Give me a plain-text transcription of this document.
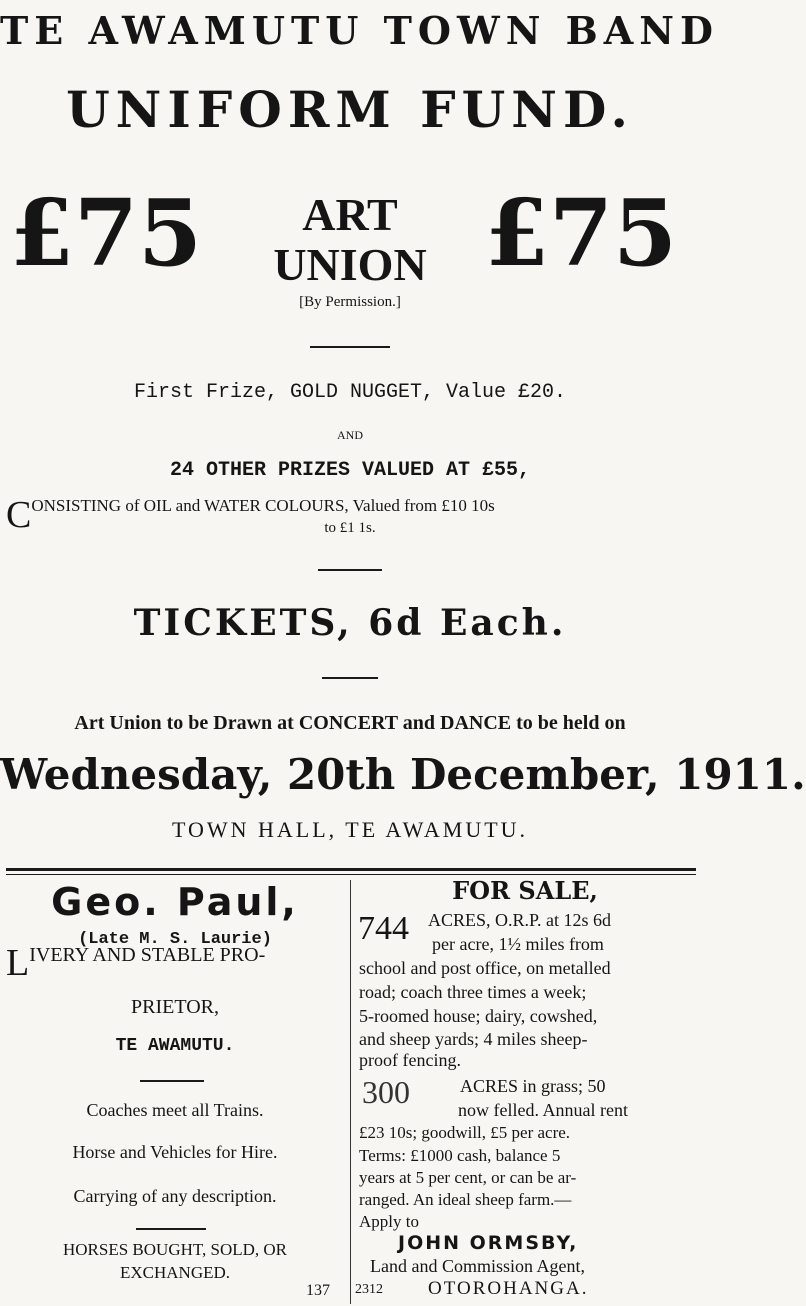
TE AWAMUTU TOWN BAND
UNIFORM FUND.
£75	£75
ART
UNION
[By Permission.]
First Frize, GOLD NUGGET, Value £20.
AND
24 OTHER PRIZES VALUED AT £55,
CONSISTING of OIL and WATER COLOURS, Valued from £10 10s
to £1 1s.
TICKETS, 6d Each.
Art Union to be Drawn at CONCERT and DANCE to be held on
Wednesday, 20th December, 1911.
TOWN HALL, TE AWAMUTU.
Geo. Paul,
(Late M. S. Laurie)
LIVERY AND STABLE PRO-
PRIETOR,
TE AWAMUTU.
Coaches meet all Trains.
Horse and Vehicles for Hire.
Carrying of any description.
HORSES BOUGHT, SOLD, OR
EXCHANGED.
137
FOR SALE,
744 ACRES, O.R.P. at 12s 6d
per acre, 1½ miles from
school and post office, on metalled
road; coach three times a week;
5-roomed house; dairy, cowshed,
and sheep yards; 4 miles sheep-
proof fencing.
300	ACRES in grass; 50
now felled. Annual rent
£23 10s; goodwill, £5 per acre.
Terms: £1000 cash, balance 5
years at 5 per cent, or can be ar-
ranged. An ideal sheep farm.—
Apply to
JOHN ORMSBY,
Land and Commission Agent,
2312 OTOROHANGA.
